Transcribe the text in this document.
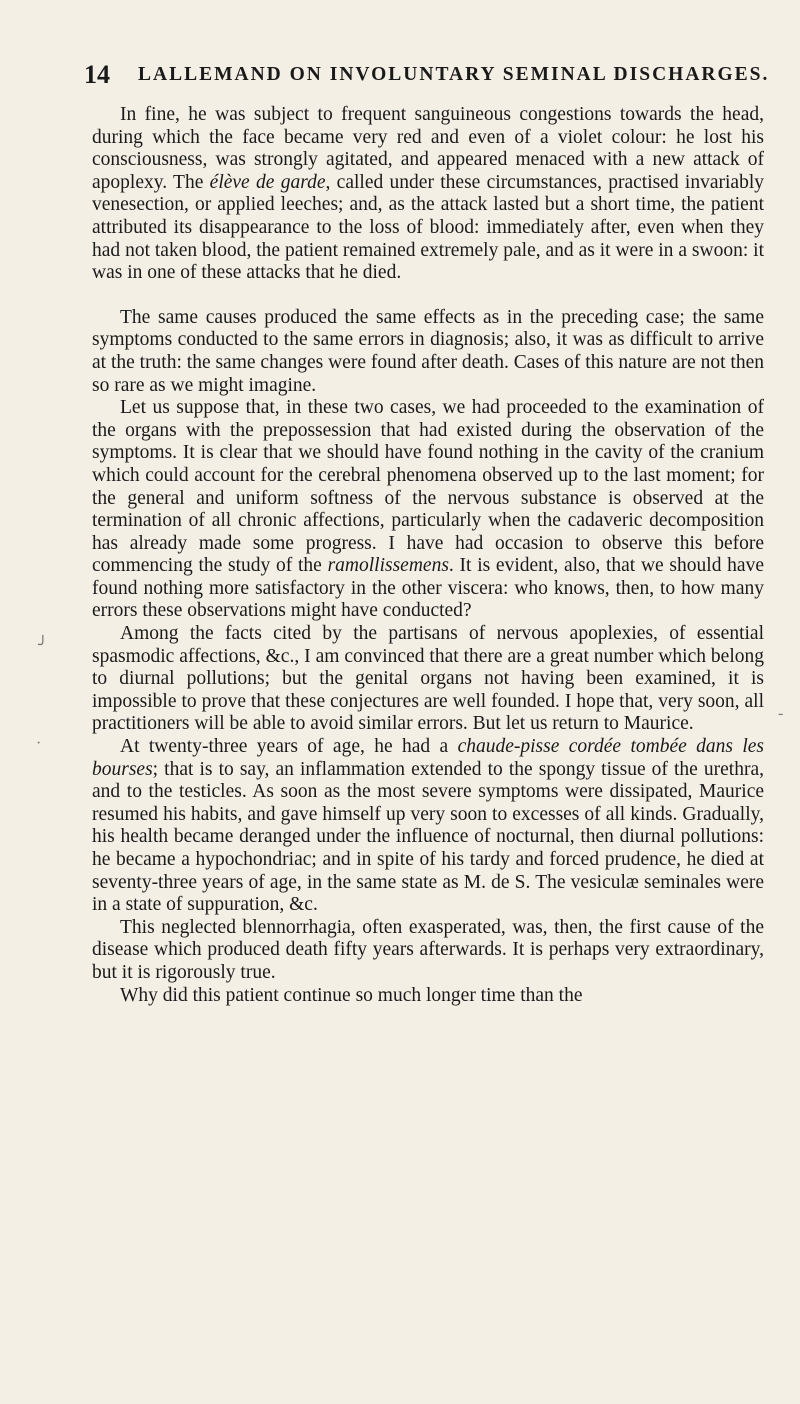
14 LALLEMAND ON INVOLUNTARY SEMINAL DISCHARGES.

In fine, he was subject to frequent sanguineous congestions towards the head, during which the face became very red and even of a violet colour: he lost his consciousness, was strongly agitated, and appeared menaced with a new attack of apoplexy. The élève de garde, called under these circumstances, practised invariably venesection, or applied leeches; and, as the attack lasted but a short time, the patient attributed its disappearance to the loss of blood: immediately after, even when they had not taken blood, the patient remained extremely pale, and as it were in a swoon: it was in one of these attacks that he died.

The same causes produced the same effects as in the preceding case; the same symptoms conducted to the same errors in diagnosis; also, it was as difficult to arrive at the truth: the same changes were found after death. Cases of this nature are not then so rare as we might imagine.

Let us suppose that, in these two cases, we had proceeded to the examination of the organs with the prepossession that had existed during the observation of the symptoms. It is clear that we should have found nothing in the cavity of the cranium which could account for the cerebral phenomena observed up to the last moment; for the general and uniform softness of the nervous substance is observed at the termination of all chronic affections, particularly when the cadaveric decomposition has already made some progress. I have had occasion to observe this before commencing the study of the ramollissemens. It is evident, also, that we should have found nothing more satisfactory in the other viscera: who knows, then, to how many errors these observations might have conducted?

Among the facts cited by the partisans of nervous apoplexies, of essential spasmodic affections, &c., I am convinced that there are a great number which belong to diurnal pollutions; but the genital organs not having been examined, it is impossible to prove that these conjectures are well founded. I hope that, very soon, all practitioners will be able to avoid similar errors. But let us return to Maurice.

At twenty-three years of age, he had a chaude-pisse cordée tombée dans les bourses; that is to say, an inflammation extended to the spongy tissue of the urethra, and to the testicles. As soon as the most severe symptoms were dissipated, Maurice resumed his habits, and gave himself up very soon to excesses of all kinds. Gradually, his health became deranged under the influence of nocturnal, then diurnal pollutions: he became a hypochondriac; and in spite of his tardy and forced prudence, he died at seventy-three years of age, in the same state as M. de S. The vesiculæ seminales were in a state of suppuration, &c.

This neglected blennorrhagia, often exasperated, was, then, the first cause of the disease which produced death fifty years afterwards. It is perhaps very extraordinary, but it is rigorously true.

Why did this patient continue so much longer time than the

╯
·
-
